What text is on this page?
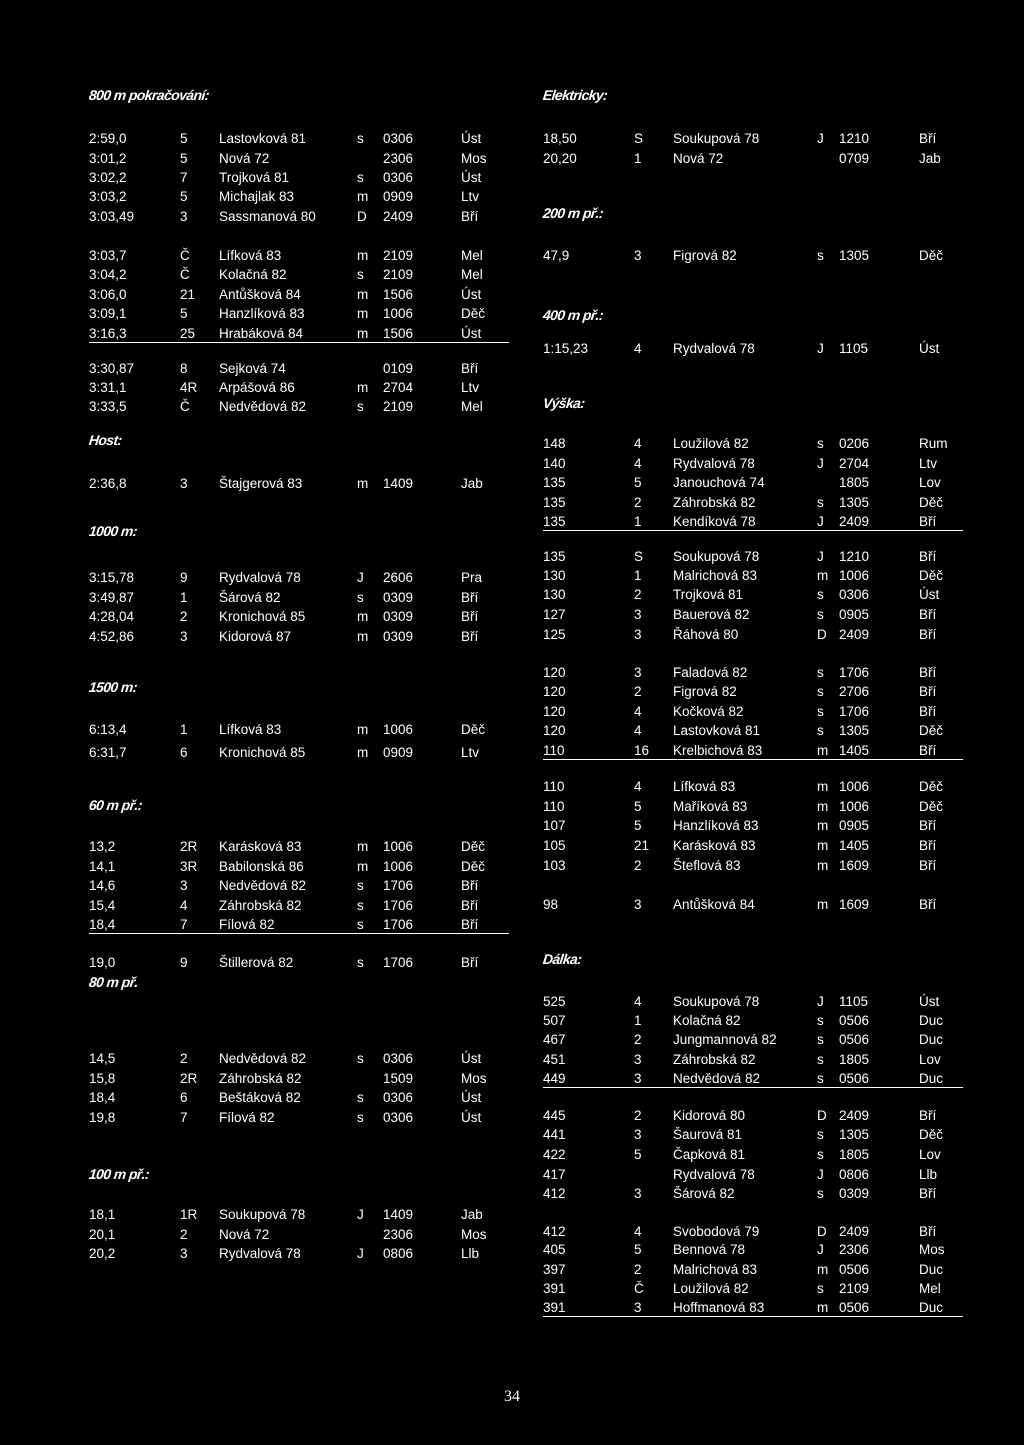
800 m pokračování:
2:59,0	5 Lastovková 81	s 0306	Úst
3:01,2	5 Nová 72	2306	Mos
3:02,2	7 Trojková 81	s 0306	Úst
3:03,2	5 Michajlak 83	m 0909	Ltv
3:03,49	3 Sassmanová 80	D 2409	Bří
3:03,7	Č Lífková 83	m 2109	Mel
3:04,2	Č Kolačná 82	s 2109	Mel
3:06,0	21 Antůšková 84	m 1506	Úst
3:09,1	5 Hanzlíková 83	m 1006	Děč
3:16,3	25 Hrabáková 84	m 1506	Úst
3:30,87	8 Sejková 74	0109	Bří
3:31,1	4R Arpášová 86	m 2704	Ltv
3:33,5	Č Nedvědová 82	s 2109	Mel
Host:
2:36,8	3 Štajgerová 83	m 1409	Jab
1000 m:
3:15,78	9 Rydvalová 78	J 2606	Pra
3:49,87	1 Šárová 82	s 0309	Bří
4:28,04	2 Kronichová 85	m 0309	Bří
4:52,86	3 Kidorová 87	m 0309	Bří
1500 m:
6:13,4	1 Lífková 83	m 1006	Děč
6:31,7	6 Kronichová 85	m 0909	Ltv
60 m př.:
13,2	2R Karásková 83	m 1006	Děč
14,1	3R Babilonská 86	m 1006	Děč
14,6	3 Nedvědová 82	s 1706	Bří
15,4	4 Záhrobská 82	s 1706	Bří
18,4	7 Fílová 82	s 1706	Bří
19,0	9 Štillerová 82	s 1706	Bří
80 m př.
14,5	2 Nedvědová 82	s 0306	Úst
15,8	2R Záhrobská 82	1509	Mos
18,4	6 Beštáková 82	s 0306	Úst
19,8	7 Fílová 82	s 0306	Úst
100 m př.:
18,1	1R Soukupová 78	J 1409	Jab
20,1	2 Nová 72	2306	Mos
20,2	3 Rydvalová 78	J 0806	Llb
Elektricky:
18,50	S Soukupová 78	J 1210	Bří
20,20	1 Nová 72	0709	Jab
200 m př.:
47,9	3 Figrová 82	s 1305	Děč
400 m př.:
1:15,23	4 Rydvalová 78	J 1105	Úst
Výška:
148	4 Loužilová 82	s 0206	Rum
140	4 Rydvalová 78	J 2704	Ltv
135	5 Janouchová 74	1805	Lov
135	2 Záhrobská 82	s 1305	Děč
135	1 Kendíková 78	J 2409	Bří
135	S Soukupová 78	J 1210	Bří
130	1 Malrichová 83	m 1006	Děč
130	2 Trojková 81	s 0306	Úst
127	3 Bauerová 82	s 0905	Bří
125	3 Řáhová 80	D 2409	Bří
120	3 Faladová 82	s 1706	Bří
120	2 Figrová 82	s 2706	Bří
120	4 Kočková 82	s 1706	Bří
120	4 Lastovková 81	s 1305	Děč
110	16 Krelbichová 83	m 1405	Bří
110	4 Lífková 83	m 1006	Děč
110	5 Maříková 83	m 1006	Děč
107	5 Hanzlíková 83	m 0905	Bří
105	21 Karásková 83	m 1405	Bří
103	2 Šteflová 83	m 1609	Bří
98	3 Antůšková 84	m 1609	Bří
Dálka:
525	4 Soukupová 78	J 1105	Úst
507	1 Kolačná 82	s 0506	Duc
467	2 Jungmannová 82	s 0506	Duc
451	3 Záhrobská 82	s 1805	Lov
449	3 Nedvědová 82	s 0506	Duc
445	2 Kidorová 80	D 2409	Bří
441	3 Šaurová 81	s 1305	Děč
422	5 Čapková 81	s 1805	Lov
417	Rydvalová 78	J 0806	Llb
412	3 Šárová 82	s 0309	Bří
412	4 Svobodová 79	D 2409	Bří
405	5 Bennová 78	J 2306	Mos
397	2 Malrichová 83	m 0506	Duc
391	Č Loužilová 82	s 2109	Mel
391	3 Hoffmanová 83	m 0506	Duc
34
